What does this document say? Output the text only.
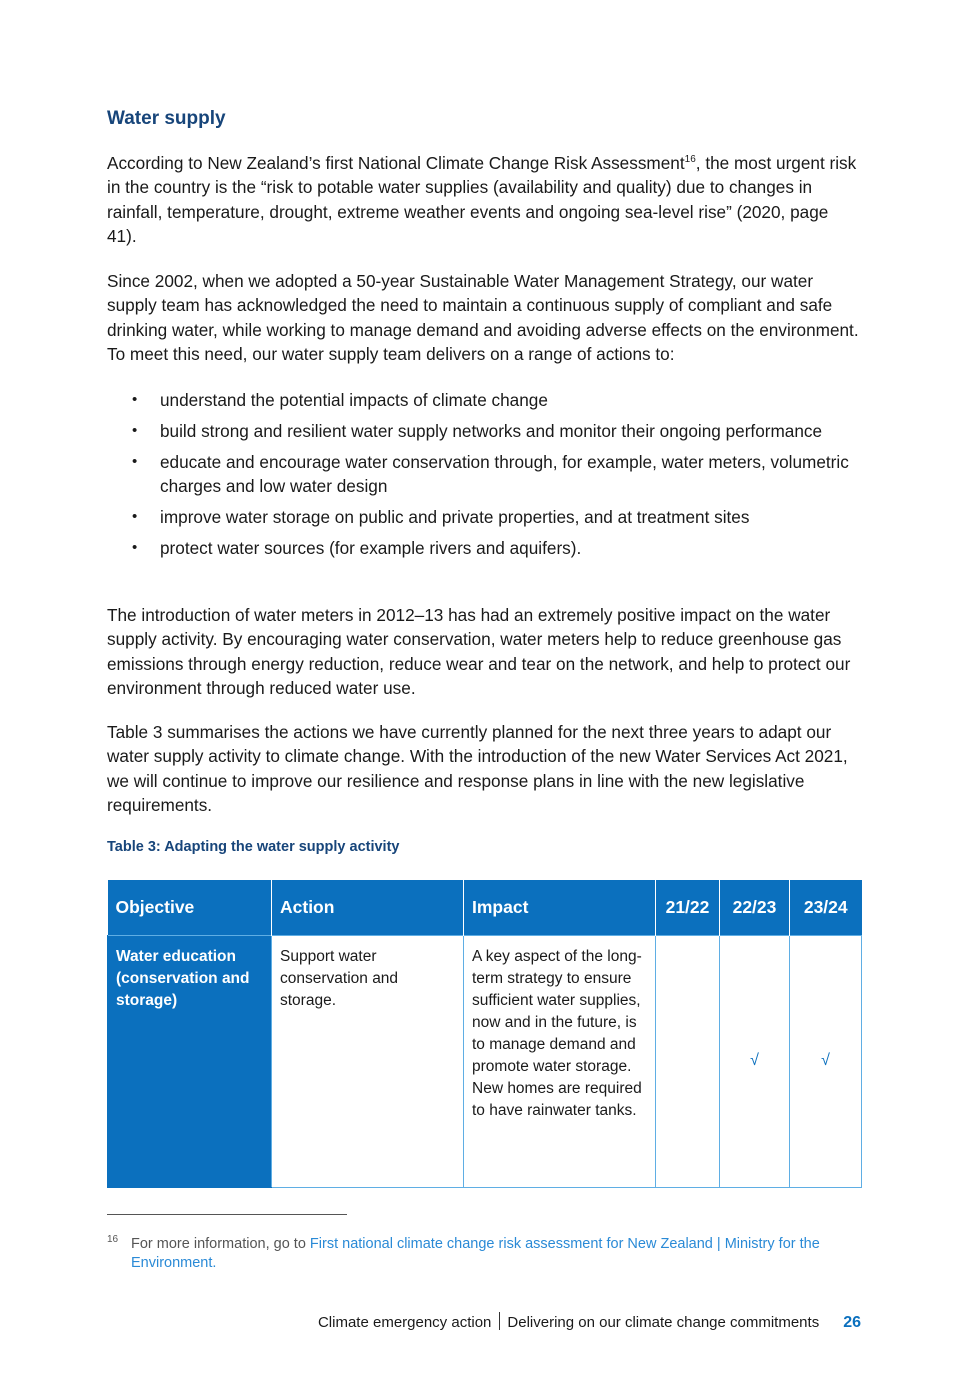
Water supply

According to New Zealand’s first National Climate Change Risk Assessment$^{16}$, the most urgent risk in the country is the “risk to potable water supplies (availability and quality) due to changes in rainfall, temperature, drought, extreme weather events and ongoing sea-level rise” (2020, page 41).

Since 2002, when we adopted a 50-year Sustainable Water Management Strategy, our water supply team has acknowledged the need to maintain a continuous supply of compliant and safe drinking water, while working to manage demand and avoiding adverse effects on the environment. To meet this need, our water supply team delivers on a range of actions to:

• understand the potential impacts of climate change
• build strong and resilient water supply networks and monitor their ongoing performance
• educate and encourage water conservation through, for example, water meters, volumetric charges and low water design
• improve water storage on public and private properties, and at treatment sites
• protect water sources (for example rivers and aquifers).

The introduction of water meters in 2012–13 has had an extremely positive impact on the water supply activity. By encouraging water conservation, water meters help to reduce greenhouse gas emissions through energy reduction, reduce wear and tear on the network, and help to protect our environment through reduced water use.

Table 3 summarises the actions we have currently planned for the next three years to adapt our water supply activity to climate change. With the introduction of the new Water Services Act 2021, we will continue to improve our resilience and response plans in line with the new legislative requirements.

Table 3: Adapting the water supply activity

Objective	Action	Impact	21/22	22/23	23/24
Water education (conservation and storage)	Support water conservation and storage.	A key aspect of the long-term strategy to ensure sufficient water supplies, now and in the future, is to manage demand and promote water storage. New homes are required to have rainwater tanks.		√	√
16 For more information, go to First national climate change risk assessment for New Zealand | Ministry for the Environment.
Climate emergency action Delivering on our climate change commitments 26
